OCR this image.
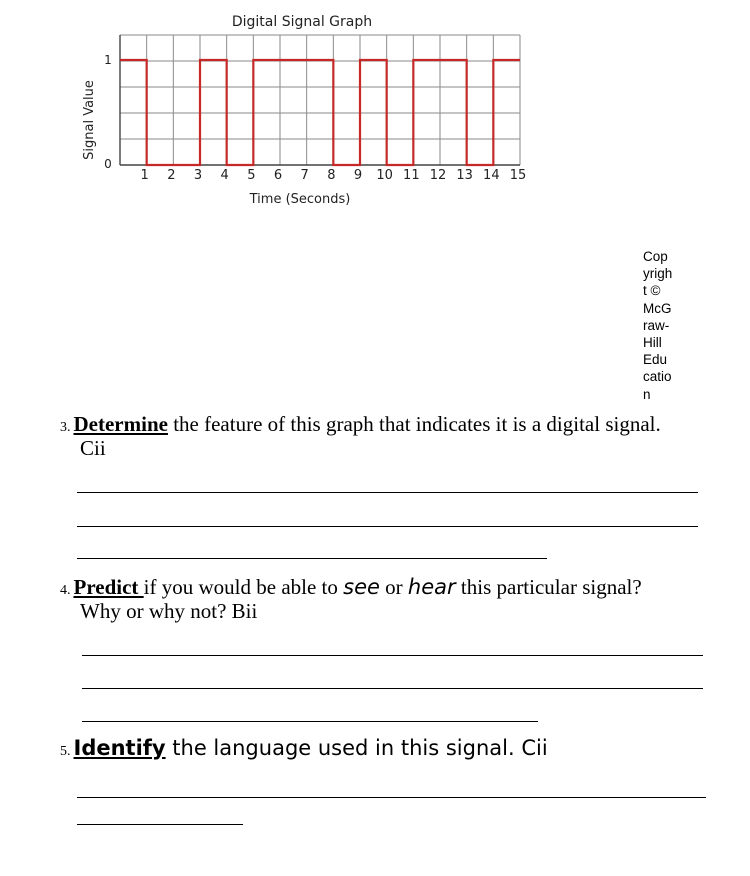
Digital Signal Graph
1 2 3 4 5 6 7 8 9 10 11 12 13 14 15
0
1
Time (Seconds)
Signal Value
Copyright © McGraw-Hill Education
3. Determine the feature of this graph that indicates it is a digital signal.
Cii
4. Predict if you would be able to see or hear this particular signal?
Why or why not? Bii
5. Identify the language used in this signal. Cii
